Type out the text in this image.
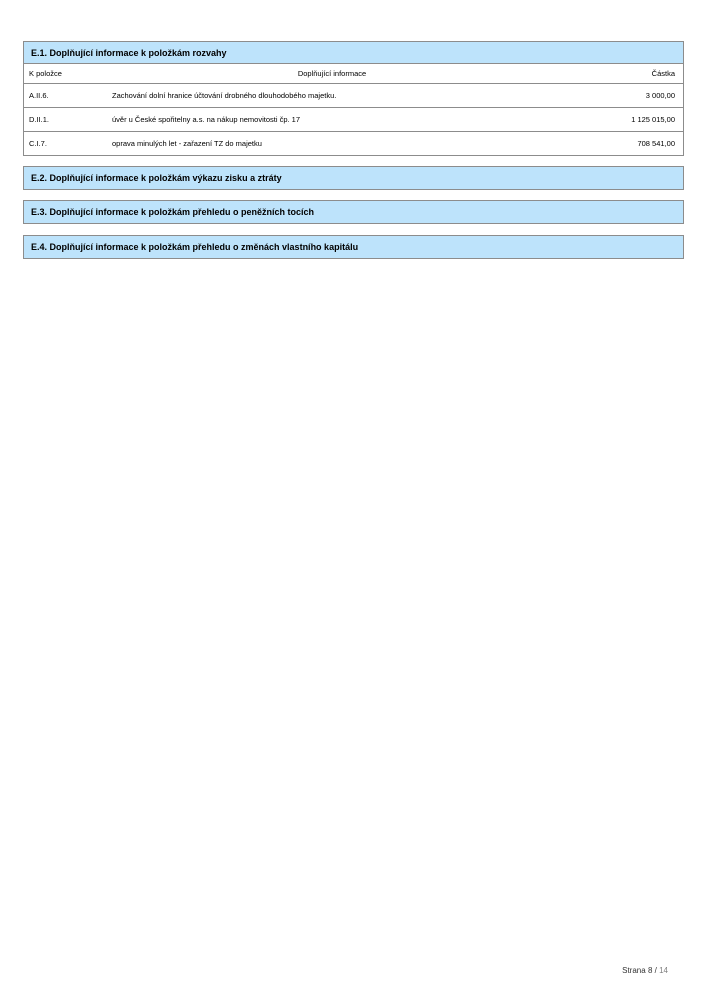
E.1. Doplňující informace k položkám rozvahy
K položce	Doplňující informace	Částka
A.II.6.	Zachování dolní hranice účtování drobného dlouhodobého majetku.	3 000,00
D.II.1.	úvěr u České spořitelny a.s. na nákup nemovitosti čp. 17	1 125 015,00
C.I.7.	oprava minulých let - zařazení TZ do majetku	708 541,00
E.2. Doplňující informace k položkám výkazu zisku a ztráty
E.3. Doplňující informace k položkám přehledu o peněžních tocích
E.4. Doplňující informace k položkám přehledu o změnách vlastního kapitálu
Strana 8 / 14
